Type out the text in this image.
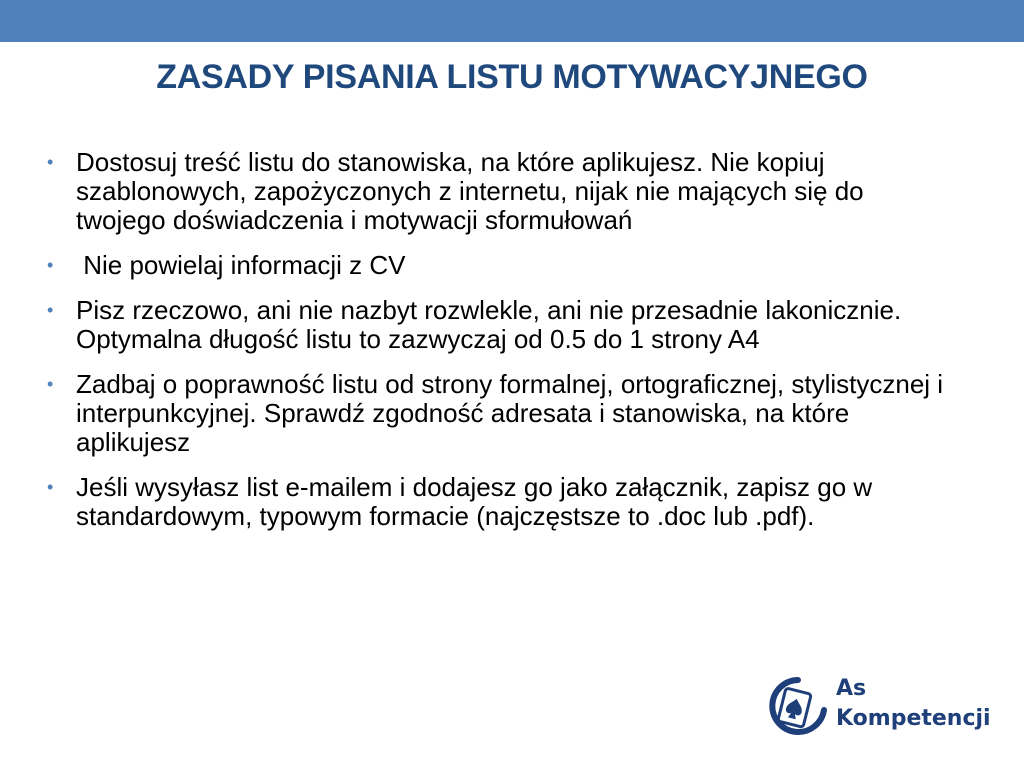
ZASADY PISANIA LISTU MOTYWACYJNEGO
• Dostosuj treść listu do stanowiska, na które aplikujesz. Nie kopiuj szablonowych, zapożyczonych z internetu, nijak nie mających się do twojego doświadczenia i motywacji sformułowań
• Nie powielaj informacji z CV
• Pisz rzeczowo, ani nie nazbyt rozwlekle, ani nie przesadnie lakonicznie. Optymalna długość listu to zazwyczaj od 0.5 do 1 strony A4
• Zadbaj o poprawność listu od strony formalnej, ortograficznej, stylistycznej i interpunkcyjnej. Sprawdź zgodność adresata i stanowiska, na które aplikujesz
• Jeśli wysyłasz list e-mailem i dodajesz go jako załącznik, zapisz go w standardowym, typowym formacie (najczęstsze to .doc lub .pdf).
As
Kompetencji
